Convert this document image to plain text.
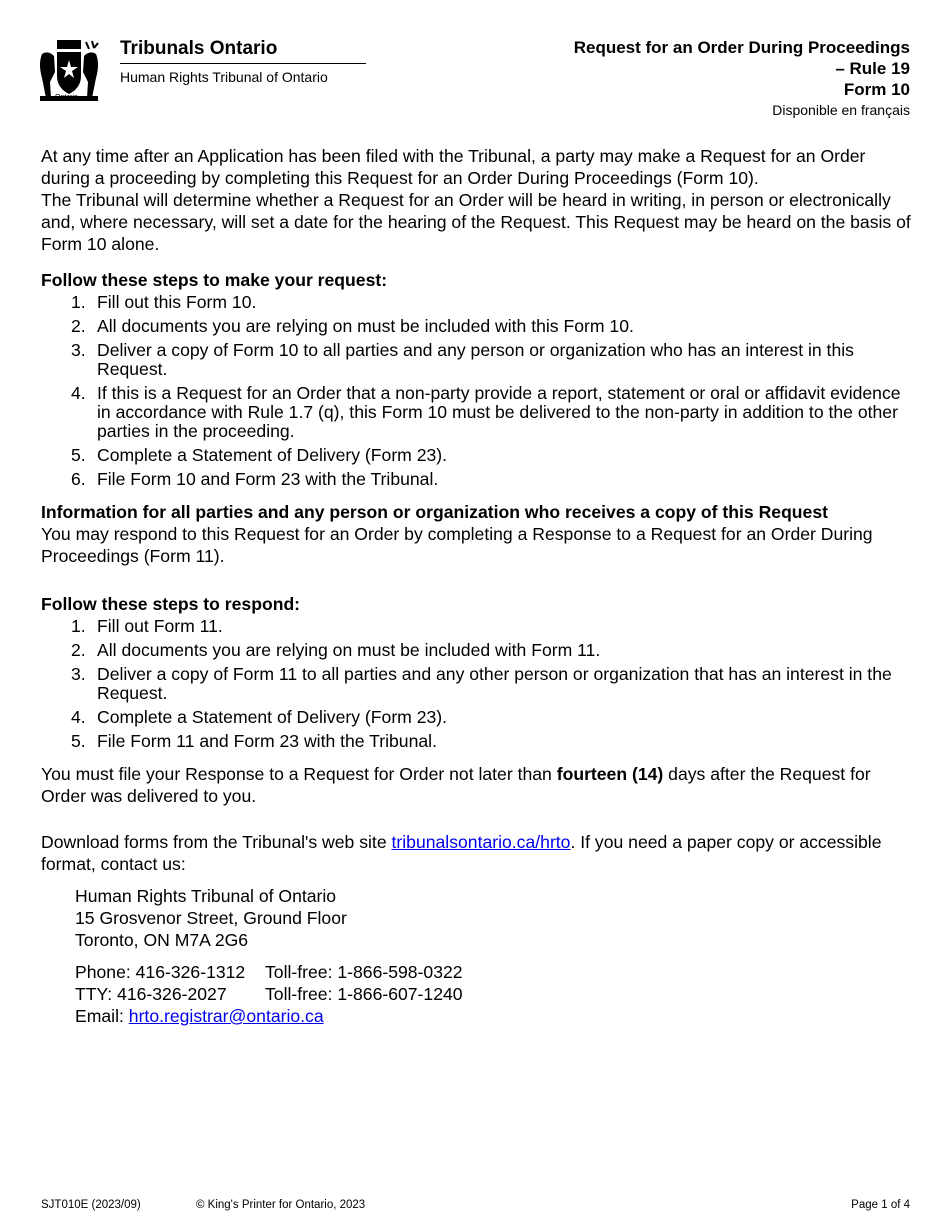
Ontario
Tribunals Ontario
Human Rights Tribunal of Ontario
Request for an Order During Proceedings
– Rule 19
Form 10
Disponible en français

At any time after an Application has been filed with the Tribunal, a party may make a Request for an Order during a proceeding by completing this Request for an Order During Proceedings (Form 10).

The Tribunal will determine whether a Request for an Order will be heard in writing, in person or electronically and, where necessary, will set a date for the hearing of the Request. This Request may be heard on the basis of Form 10 alone.

Follow these steps to make your request:

1. Fill out this Form 10.
2. All documents you are relying on must be included with this Form 10.
3. Deliver a copy of Form 10 to all parties and any person or organization who has an interest in this Request.
4. If this is a Request for an Order that a non-party provide a report, statement or oral or affidavit evidence in accordance with Rule 1.7 (q), this Form 10 must be delivered to the non-party in addition to the other parties in the proceeding.
5. Complete a Statement of Delivery (Form 23).
6. File Form 10 and Form 23 with the Tribunal.

Information for all parties and any person or organization who receives a copy of this Request

You may respond to this Request for an Order by completing a Response to a Request for an Order During Proceedings (Form 11).

Follow these steps to respond:

1. Fill out Form 11.
2. All documents you are relying on must be included with Form 11.
3. Deliver a copy of Form 11 to all parties and any other person or organization that has an interest in the Request.
4. Complete a Statement of Delivery (Form 23).
5. File Form 11 and Form 23 with the Tribunal.

You must file your Response to a Request for Order not later than fourteen (14) days after the Request for Order was delivered to you.

Download forms from the Tribunal's web site tribunalsontario.ca/hrto. If you need a paper copy or accessible format, contact us:

Human Rights Tribunal of Ontario
15 Grosvenor Street, Ground Floor
Toronto, ON M7A 2G6
Phone: 416-326-1312	Toll-free: 1-866-598-0322
TTY: 416-326-2027	Toll-free: 1-866-607-1240
Email: hrto.registrar@ontario.ca
SJT010E (2023/09)	© King's Printer for Ontario, 2023	Page 1 of 4
